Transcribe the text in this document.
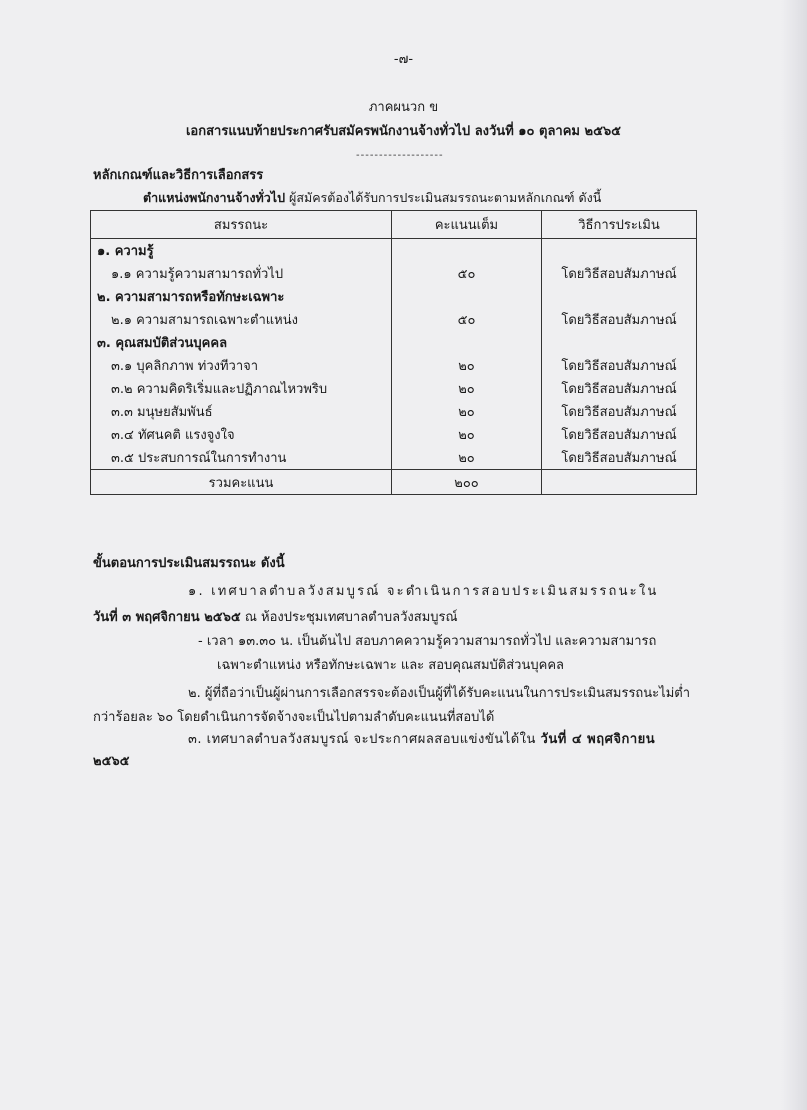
-๗-
ภาคผนวก ข
เอกสารแนบท้ายประกาศรับสมัครพนักงานจ้างทั่วไป ลงวันที่ ๑๐ ตุลาคม ๒๕๖๕
-------------------
หลักเกณฑ์และวิธีการเลือกสรร
ตำแหน่งพนักงานจ้างทั่วไป ผู้สมัครต้องได้รับการประเมินสมรรถนะตามหลักเกณฑ์ ดังนี้
สมรรถนะ	คะแนนเต็ม	วิธีการประเมิน
๑. ความรู้		
๑.๑ ความรู้ความสามารถทั่วไป	๕๐	โดยวิธีสอบสัมภาษณ์
๒. ความสามารถหรือทักษะเฉพาะ		
๒.๑ ความสามารถเฉพาะตำแหน่ง	๕๐	โดยวิธีสอบสัมภาษณ์
๓. คุณสมบัติส่วนบุคคล		
๓.๑ บุคลิกภาพ ท่วงทีวาจา	๒๐	โดยวิธีสอบสัมภาษณ์
๓.๒ ความคิดริเริ่มและปฏิภาณไหวพริบ	๒๐	โดยวิธีสอบสัมภาษณ์
๓.๓ มนุษยสัมพันธ์	๒๐	โดยวิธีสอบสัมภาษณ์
๓.๔ ทัศนคติ แรงจูงใจ	๒๐	โดยวิธีสอบสัมภาษณ์
๓.๕ ประสบการณ์ในการทำงาน	๒๐	โดยวิธีสอบสัมภาษณ์
รวมคะแนน	๒๐๐	
ขั้นตอนการประเมินสมรรถนะ ดังนี้
๑. เทศบาลตำบลวังสมบูรณ์ จะดำเนินการสอบประเมินสมรรถนะใน
วันที่ ๓ พฤศจิกายน ๒๕๖๕ ณ ห้องประชุมเทศบาลตำบลวังสมบูรณ์
- เวลา ๑๓.๓๐ น. เป็นต้นไป สอบภาคความรู้ความสามารถทั่วไป และความสามารถ
เฉพาะตำแหน่ง หรือทักษะเฉพาะ และ สอบคุณสมบัติส่วนบุคคล
๒. ผู้ที่ถือว่าเป็นผู้ผ่านการเลือกสรรจะต้องเป็นผู้ที่ได้รับคะแนนในการประเมินสมรรถนะไม่ต่ำ
กว่าร้อยละ ๖๐ โดยดำเนินการจัดจ้างจะเป็นไปตามลำดับคะแนนที่สอบได้
๓. เทศบาลตำบลวังสมบูรณ์ จะประกาศผลสอบแข่งขันได้ใน วันที่ ๔ พฤศจิกายน
๒๕๖๕
